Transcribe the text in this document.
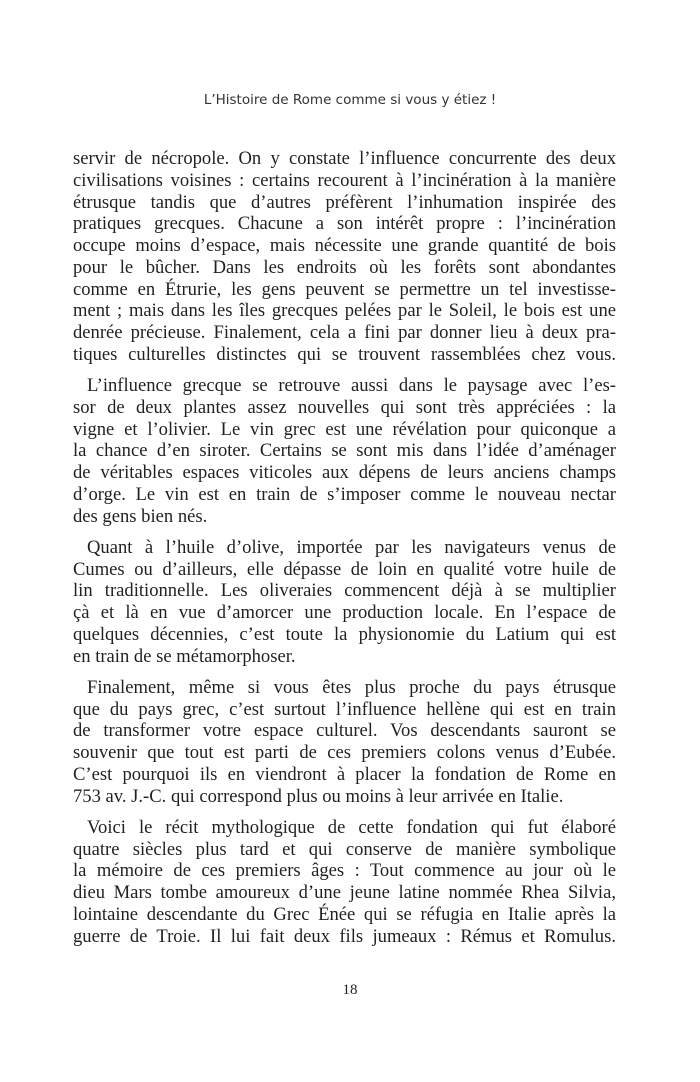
L’Histoire de Rome comme si vous y étiez !
servir de nécropole. On y constate l’influence concurrente des deux
civilisations voisines : certains recourent à l’incinération à la manière
étrusque tandis que d’autres préfèrent l’inhumation inspirée des
pratiques grecques. Chacune a son intérêt propre : l’incinération
occupe moins d’espace, mais nécessite une grande quantité de bois
pour le bûcher. Dans les endroits où les forêts sont abondantes
comme en Étrurie, les gens peuvent se permettre un tel investisse-
ment ; mais dans les îles grecques pelées par le Soleil, le bois est une
denrée précieuse. Finalement, cela a fini par donner lieu à deux pra-
tiques culturelles distinctes qui se trouvent rassemblées chez vous.
L’influence grecque se retrouve aussi dans le paysage avec l’es-
sor de deux plantes assez nouvelles qui sont très appréciées : la
vigne et l’olivier. Le vin grec est une révélation pour quiconque a
la chance d’en siroter. Certains se sont mis dans l’idée d’aménager
de véritables espaces viticoles aux dépens de leurs anciens champs
d’orge. Le vin est en train de s’imposer comme le nouveau nectar
des gens bien nés.
Quant à l’huile d’olive, importée par les navigateurs venus de
Cumes ou d’ailleurs, elle dépasse de loin en qualité votre huile de
lin traditionnelle. Les oliveraies commencent déjà à se multiplier
çà et là en vue d’amorcer une production locale. En l’espace de
quelques décennies, c’est toute la physionomie du Latium qui est
en train de se métamorphoser.
Finalement, même si vous êtes plus proche du pays étrusque
que du pays grec, c’est surtout l’influence hellène qui est en train
de transformer votre espace culturel. Vos descendants sauront se
souvenir que tout est parti de ces premiers colons venus d’Eubée.
C’est pourquoi ils en viendront à placer la fondation de Rome en
753 av. J.-C. qui correspond plus ou moins à leur arrivée en Italie.
Voici le récit mythologique de cette fondation qui fut élaboré
quatre siècles plus tard et qui conserve de manière symbolique
la mémoire de ces premiers âges : Tout commence au jour où le
dieu Mars tombe amoureux d’une jeune latine nommée Rhea Silvia,
lointaine descendante du Grec Énée qui se réfugia en Italie après la
guerre de Troie. Il lui fait deux fils jumeaux : Rémus et Romulus.
18
